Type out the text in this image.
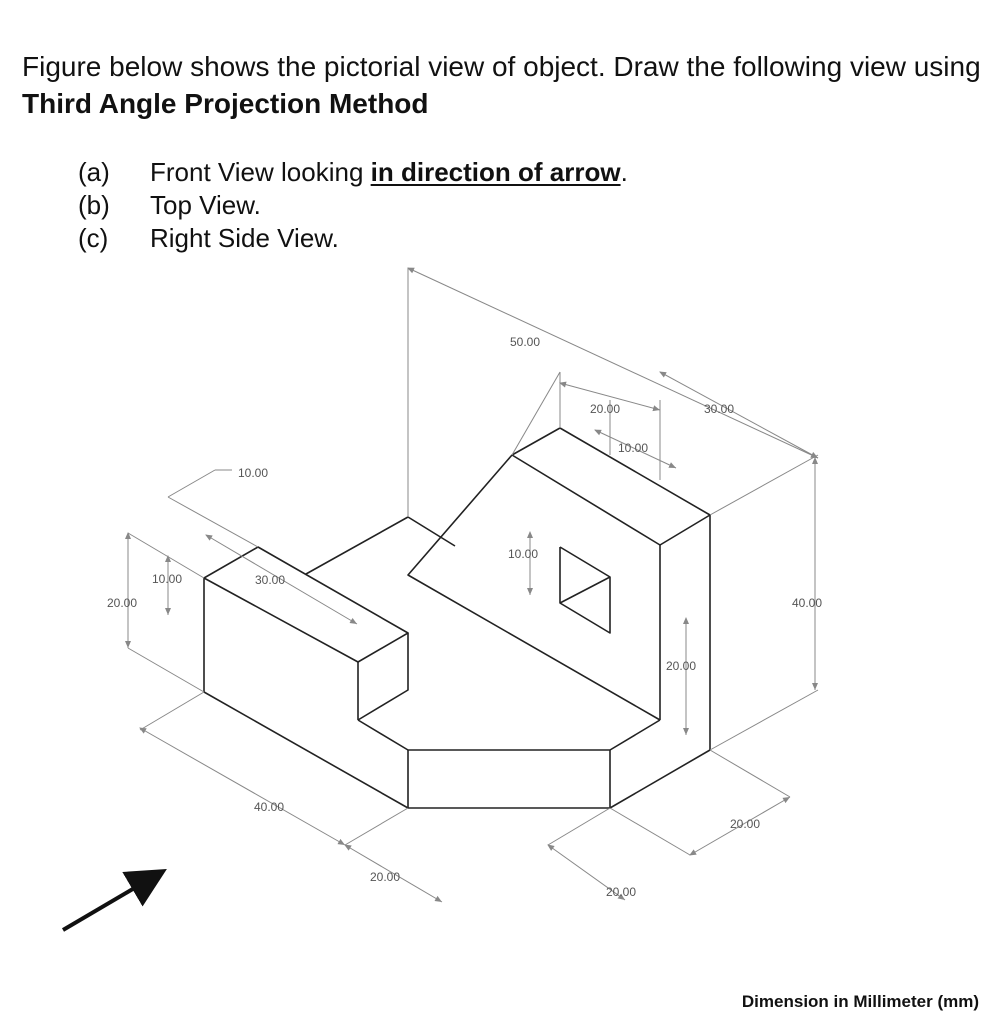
Figure below shows the pictorial view of object. Draw the following view using Third Angle Projection Method
(a)	Front View looking in direction of arrow.
(b)	Top View.
(c)	Right Side View.
50.00
20.00
10.00
30.00
10.00
10.00
30.00
10.00
20.00	40.00
20.00
40.00
20.00
20.00
20.00
Dimension in Millimeter (mm)
